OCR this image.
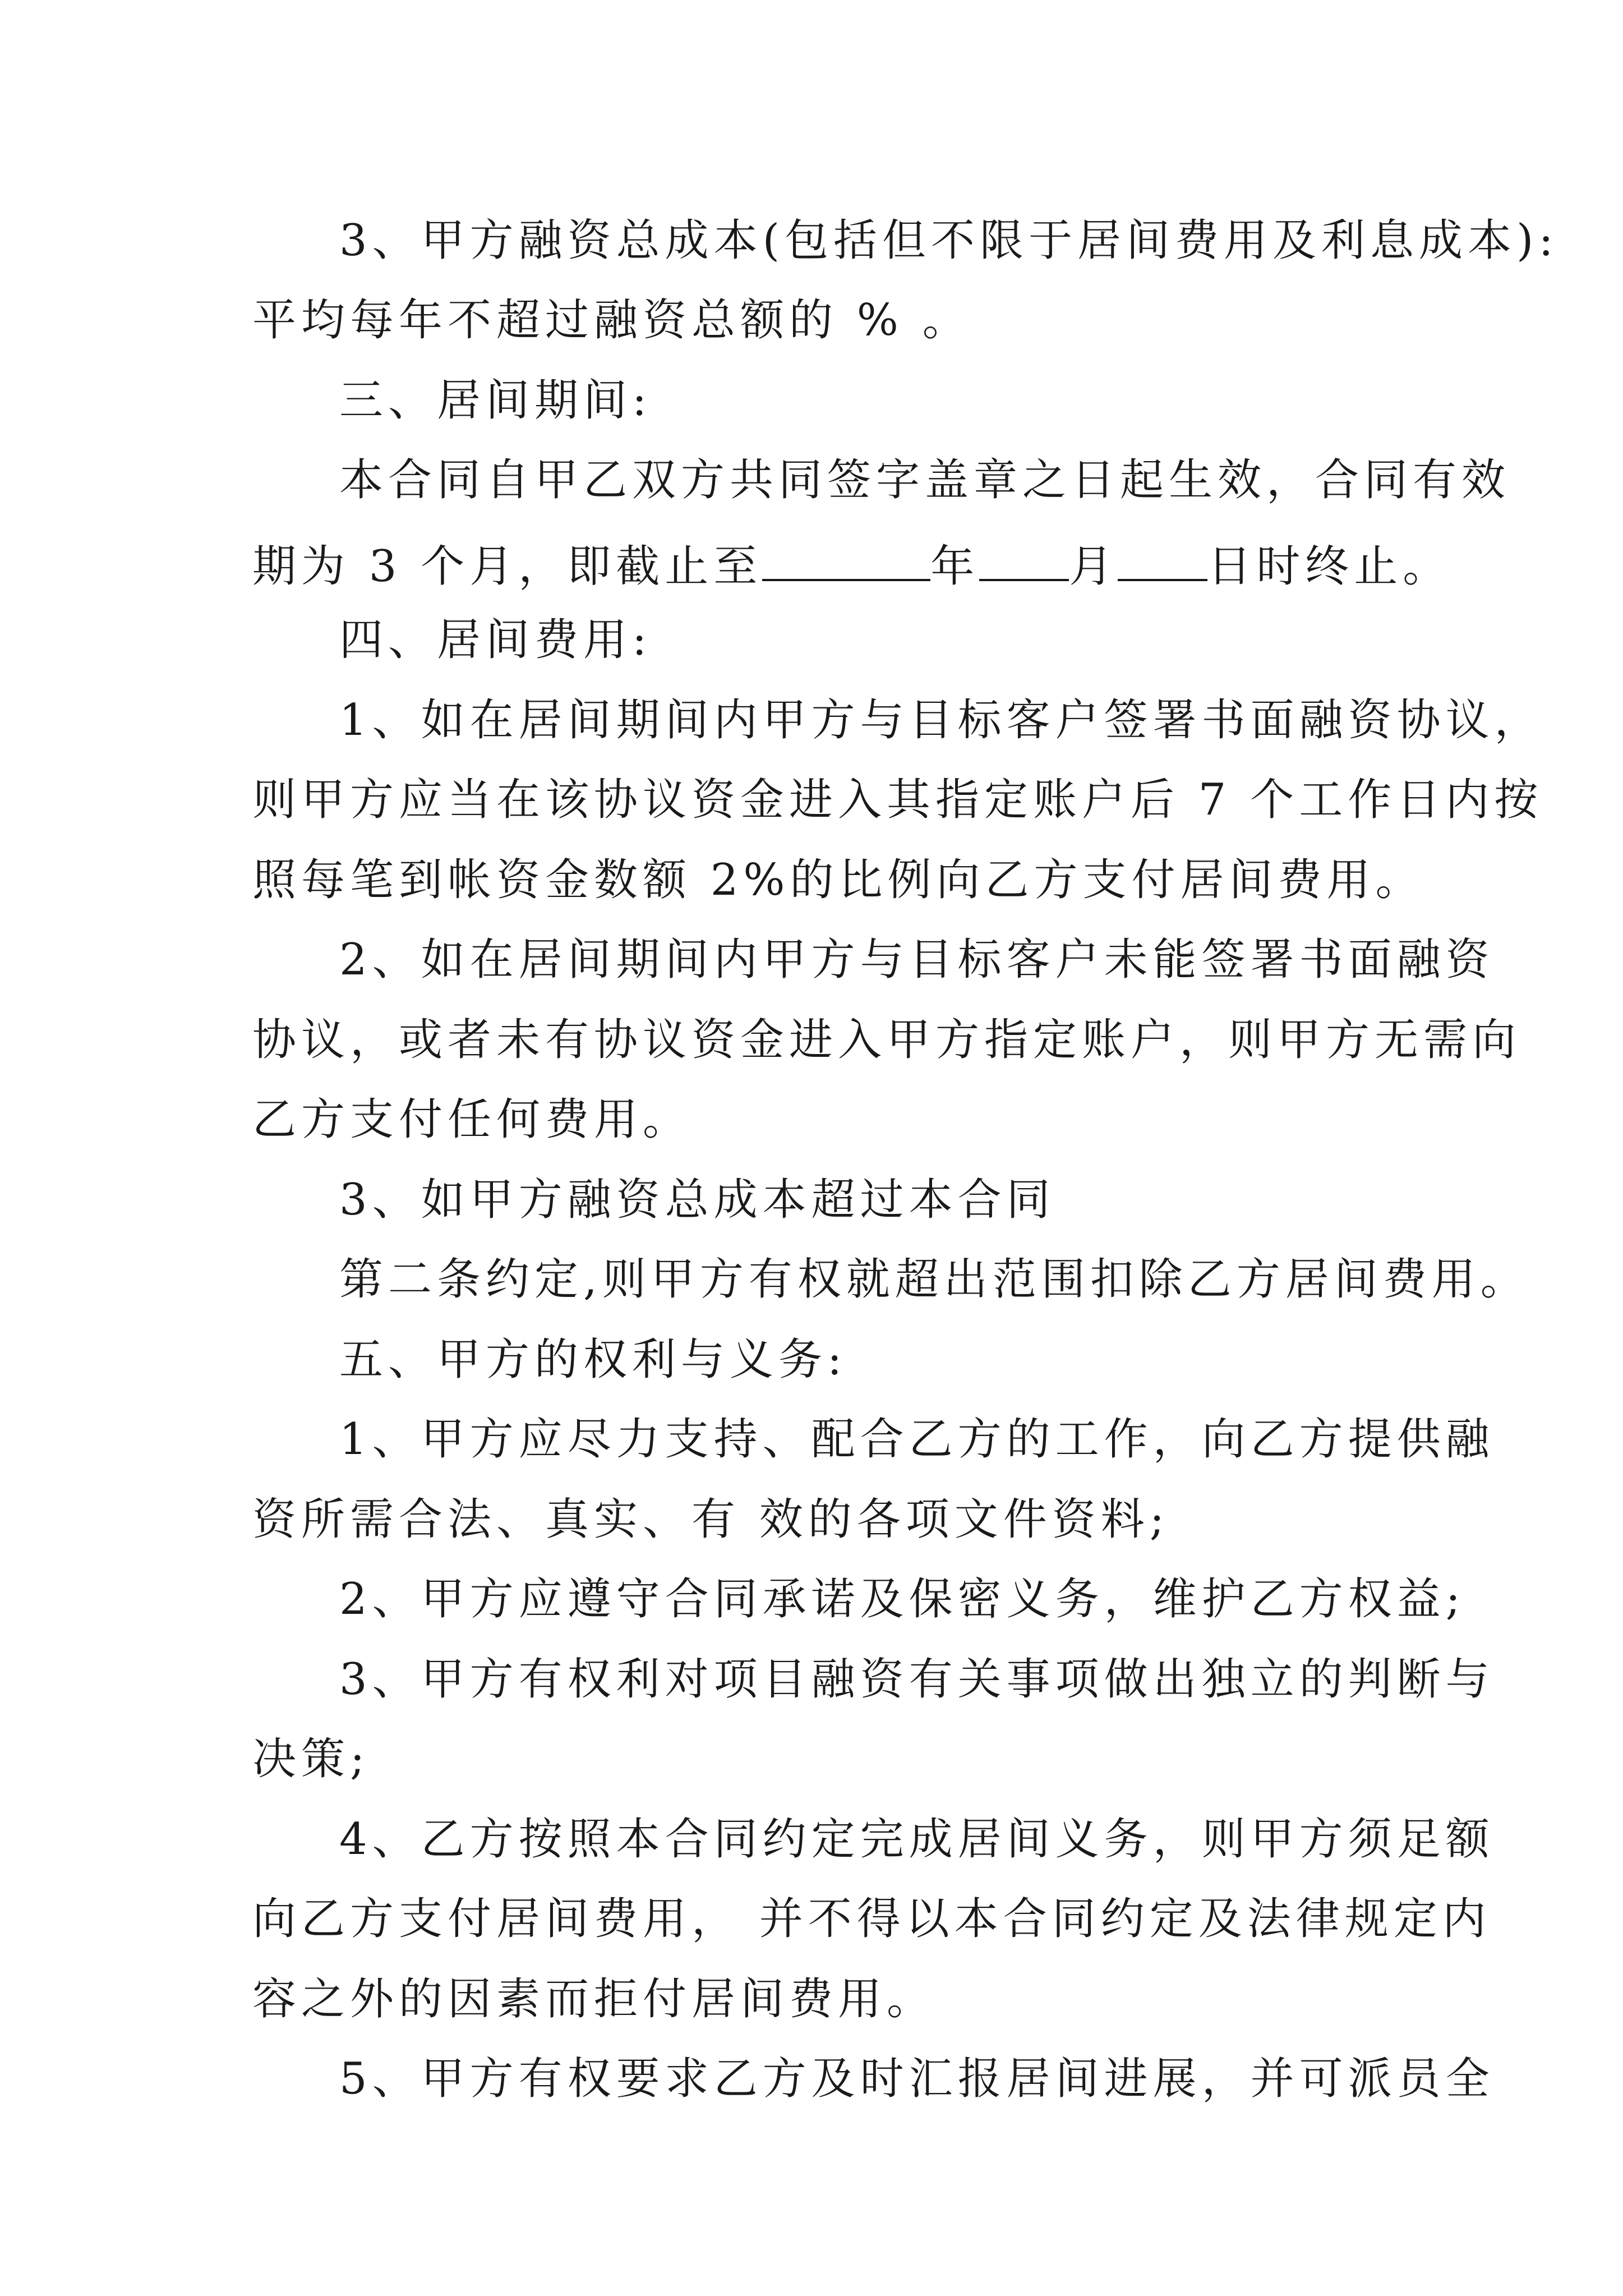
3、甲方融资总成本(包括但不限于居间费用及利息成本):
平均每年不超过融资总额的 % 。
三、居间期间:
本合同自甲乙双方共同签字盖章之日起生效，合同有效
期为 3 个月，即截止至	年 月 日时终止。
四、居间费用:
1、如在居间期间内甲方与目标客户签署书面融资协议，
则甲方应当在该协议资金进入其指定账户后 7 个工作日内按
照每笔到帐资金数额 2%的比例向乙方支付居间费用。
2、如在居间期间内甲方与目标客户未能签署书面融资
协议，或者未有协议资金进入甲方指定账户，则甲方无需向
乙方支付任何费用。
3、如甲方融资总成本超过本合同
第二条约定,则甲方有权就超出范围扣除乙方居间费用。
五、甲方的权利与义务:
1、甲方应尽力支持、配合乙方的工作，向乙方提供融
资所需合法、真实、有 效的各项文件资料;
2、甲方应遵守合同承诺及保密义务，维护乙方权益;
3、甲方有权利对项目融资有关事项做出独立的判断与
决策;
4、乙方按照本合同约定完成居间义务，则甲方须足额
向乙方支付居间费用， 并不得以本合同约定及法律规定内
容之外的因素而拒付居间费用。
5、甲方有权要求乙方及时汇报居间进展，并可派员全
